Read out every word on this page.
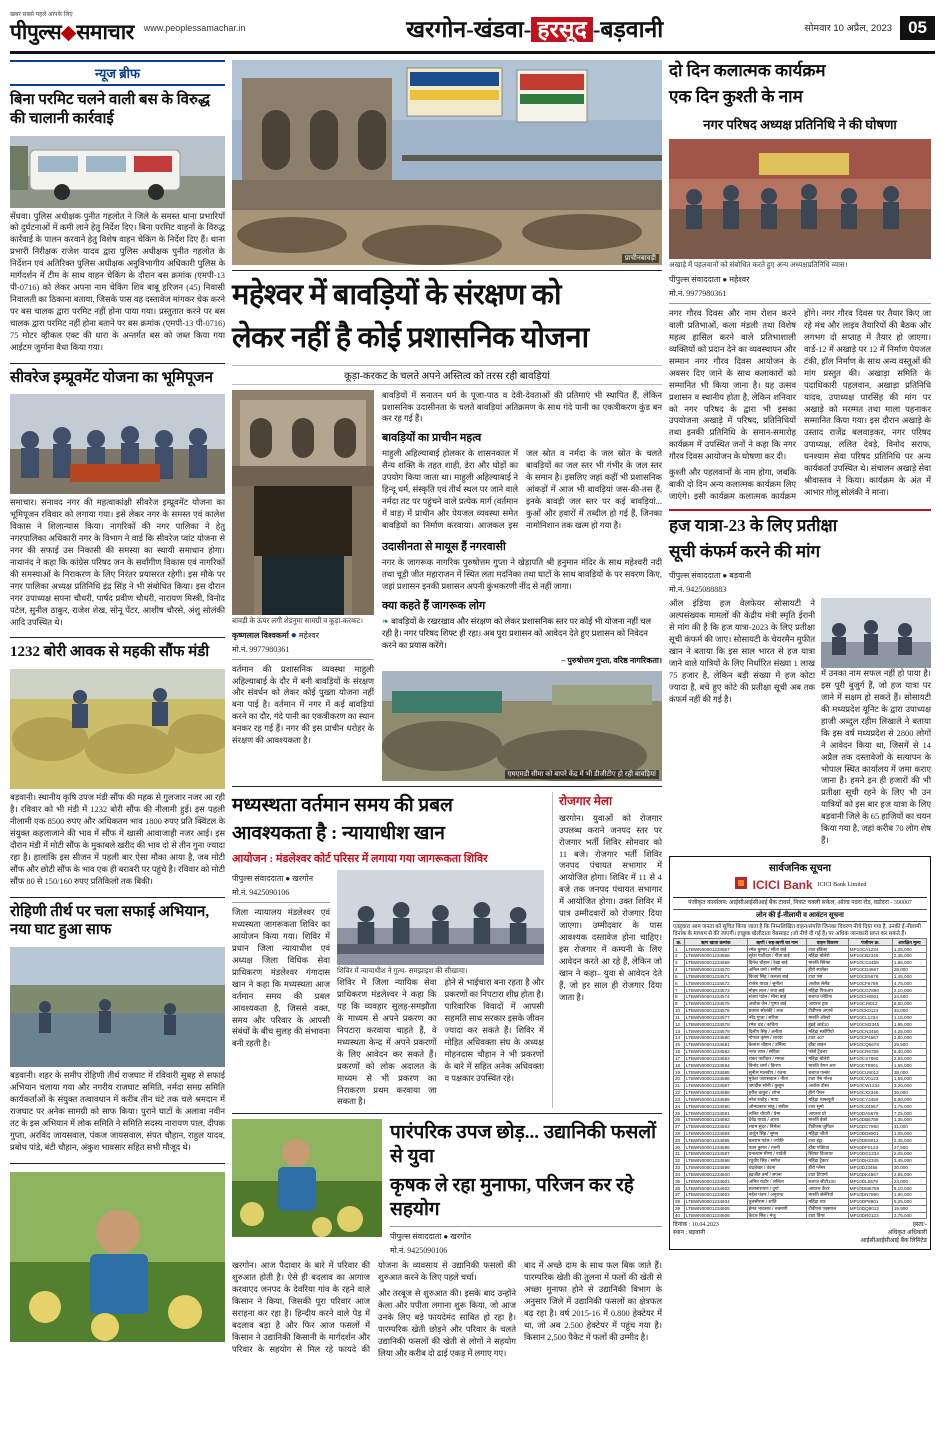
खबर सबसे पहले आपके लिए
पीपुल्स समाचार www.peoplessamachar.in	खरगोन-खंडवा- हरसूद -बड़वानी	सोमवार 10 अप्रैल, 2023 05
न्यूज ब्रीफ
बिना परमिट चलने वाली बस के विरुद्ध की चालानी कार्रवाई

सेंधवा। पुलिस अधीक्षक पुनीत गहलोत ने जिले के समस्त थाना प्रभारियों को दुर्घटनाओं में कमी लाने हेतु निर्देश दिए। बिना परमिट वाहनों के विरुद्ध कार्रवाई के पालन करवाने हेतु विशेष वाहन चेकिंग के निर्देश दिए हैं। थाना प्रभारी निरीक्षक राजेश यादव द्वारा पुलिस अधीक्षक पुनीत गहलोत के निर्देशन एवं अतिरिक्त पुलिस अधीक्षक अनुविभागीय अधिकारी पुलिस के मार्गदर्शन में टीम के साथ वाहन चेकिंग के दौरान बस क्रमांक (एमपी-13 पी-0716) को लेकर अपना नाम चेकिंग शिव बाबू हरिजन (45) निवासी निवालती का ठिकाना बताया, जिसके पास वह दस्तावेज मांगकर चेक करने पर बस चालक द्वारा परमिट नहीं होना पाया गया। प्रस्तुतात करने पर बस चालक द्वारा परमिट नहीं होना बताने पर बस क्रमांक (एमपी-13 पी-0716) 75 मोटर व्हीकल एक्ट की धारा के अन्तर्गत बस को जब्त किया गया आईटम जुर्माना वैधा किया गया।

सीवरेज इम्प्रूवमेंट योजना का भूमिपूजन

समाचार। सनावद नगर की महत्वाकांक्षी सीवरेज इम्प्रूवमेंट योजना का भूमिपूजन रविवार को लगाया गया। इसे लेकर नगर के समस्त एवं कालेश विकास ने शिलान्यास किया। नागरिकों की नगर पालिका ने हेतु नगरपालिका अधिकारी नगर के विभाग ने वार्ड कि सीवरेज प्वांट योजना से नगर की सफाई उस निकासी की समस्या का स्थायी समाधान होगा। नाथानंद ने कहा कि कांग्रेस परिषद जन के सर्वांगीण विकास एवं नागरिकों की समस्याओं के निराकरण के लिए निरंतर प्रयासरत रहेगी। इस मौके पर नगर पालिका अध्यक्ष प्रतिनिधि इंद्र सिंह ने भी संबोधित किया। इस दौरान नगर उपाध्यक्ष सपना चौधरी, पार्षद प्रवीण चौधरी, नारायण मिस्त्री, विनोद पटेल, सुनील ठाकुर, राजेश शेख, सोनू पेंटर, आशीष चौरसे, अंशु सोलंकी आदि उपस्थित थे।

1232 बोरी आवक से महकी सौंफ मंडी

बड़वानी। स्थानीय कृषि उपज मंडी सौंफ की महक से गुलजार नजर आ रही है। रविवार को भी मंडी में 1232 बोरी सौंफ की नीलामी हुई। इस पहली नीलामी एक 8500 रुपए और अधिकतम भाव 1800 रुपए प्रति क्विंटल के संयुक्त कहलाजाने की भाव में सौंफ में खासी आवाजाही नजर आई। इस दौरान मंडी में मोटी सौंफ के मुकाबले खरीद की भाव दो से तीन गुना ज्यादा रहा है। हालांकि इस सीजन में पहली बार ऐसा मौका आया है, जब मोटी सौंफ और छोटी सौंफ के भाव एक ही बराबरी पर पहुंचे है। रविवार को मोटी सौंफ 80 से 150/160 रुपए प्रतिकिलो तक बिकी।

रोहिणी तीर्थ पर चला सफाई अभियान, नया घाट हुआ साफ

बड़वानी। शहर के समीप रोहिणी तीर्थ राजघाट में रविवारी सुबह से सफाई अभियान चलाया गया और नगरीय राजघाट समिति, नर्मदा समग्र समिति कार्यकर्ताओं के संयुक्त तत्वावधान में करीब तीन घंटे तक चले श्रमदान में राजघाट पर अनेक सामग्री को साफ किया। पुराने घाटों के अलावा नवीन तट के इस अभियान में लोक समिति ने समिति सदस्य नारायण पाल, दीपक गुप्ता, अरविंद जायसवाल, पंकज जायसवाल, संपत चौहान, राहुल यादव, प्रबोध पांडे, बंटी चौहान, अंकुश भावसार सहित सभी मौजूद थे।

प्राचीनबावड़ी
महेश्वर में बावड़ियों के संरक्षण को
लेकर नहीं है कोई प्रशासनिक योजना
कूड़ा-करकट के चलते अपने अस्तित्व को तरस रही बावड़ियां
बावड़ी के ऊपर लगी शेडनुमा सामग्री व कूड़ा-करकट।
कृष्णलाल विश्वकर्मा ● महेश्वर
मो.नं. 9977980361

वर्तमान की प्रशासनिक व्यवस्था माहुली अहिल्याबाई के दौर में बनी बावड़ियों के संरक्षण और संवर्धन को लेकर कोई पुख्ता योजना नहीं बना पाई है। वर्तमान में नगर में कई बावड़ियां करने का दौर, गंदे पानी का एकत्रीकरण का स्थान बनकर रह गई हैं। नगर की इस प्राचीन धरोहर के संरक्षण की आवश्यकता है।

बावड़ियों में सनातन धर्म के पूजा-पाठ व देवी-देवताओं की प्रतिमाएं भी स्थापित हैं, लेकिन प्रशासनिक उदासीनता के चलते बावड़ियां अतिक्रमण के साथ गंदे पानी का एकत्रीकरण कुंड बन कर रह गई हैं।

बावड़ियों का प्राचीन महत्व

माहुली अहिल्याबाई होलकर के शासनकाल में सैन्य शक्ति के तहत शाही, डेरा और घोड़ों का उपयोग किया जाता था। माहुली अहिल्याबाई ने हिन्दू धर्म, संस्कृति एवं तीर्थ स्थल पर जाने वाले नर्मदा तट पर पहुंचने वाले प्रत्येक मार्ग (वर्तमान में वाड़) में प्राचीन और पेयजल व्यवस्था समेत बावड़ियों का निर्माण करवाया। आजकल इस जल स्रोत व नर्मदा के जल स्रोत के चलते बावड़ियों का जल स्तर भी गंभीर के जल स्तर के समान है। इसलिए जहां कहीं भी प्रशासनिक आंकड़ों में आज भी बावड़ियां जस-की-तस हैं, इनके बावड़ी जल स्तर पर कई बावड़ियां... कुओं और हवारों में तब्दील हो गई हैं, जिनका नामोनिशान तक खत्म हो गया है।

उदासीनता से मायूस हैं नगरवासी

नगर के जागरूक नागरिक पुरुषोत्तम गुप्ता ने खेड़ापति श्री हनुमान मंदिर के साथ महेश्वरी नदी तथा चूड़ी जीत महाराजन में स्थित लता मदनिका तथा घाटों के साथ बावड़ियों के पर सवरण किए, जहां प्रशासन इनकी प्रशासन अपनी कुंभकरणी नींद से नहीं जागा।

क्या कहते हैं जागरूक लोग
❧ बावड़ियों के रखरखाव और संरक्षण को लेकर प्रशासनिक स्तर पर कोई भी योजना नहीं चल रही है। नगर परिषद शिफ्ट ही रहा। अब पुरा प्रशासन को आवेदन देते हुए प्रशासन को निवेदन करने का प्रयास करेंगे।
– पुरुषोत्तम गुप्ता, वरिष्ठ नागरिकता।
एमएमडी सीमा को बापरे केंद्र में भी डीजीटीए हो रही बावड़ियां
मध्यस्थता वर्तमान समय की प्रबल
आवश्यकता है : न्यायाधीश खान
आयोजन : मंडलेश्वर कोर्ट परिसर में लगाया गया जागरूकता शिविर
पीपुल्स संवाददाता ● खरगोन
मो.नं. 9425090106

जिला न्यायालय मंडलेश्वर एवं मध्यस्थता जागरूकता शिविर का आयोजन किया गया। शिविर में प्रधान जिला न्यायाधीश एवं अध्यक्ष जिला विधिक सेवा प्राधिकरण मंडलेश्वर गंगादास खान ने कहा कि मध्यस्थता आज वर्तमान समय की प्रबल आवश्यकता है, जिससे वक्त, समय और परिवार के आपसी संबंधों के बीच सुलह की संभावना बनी रहती है।

शिविर में न्यायाधीश ने गुत्थ- समझाइश की सीखाया।

शिविर में जिला न्यायिक सेवा प्राधिकरण मंडलेश्वर ने कहा कि यह कि व्यवहार सुलह-समझौता के माध्यम से अपने प्रकरण का निपटारा करवाया चाहते हैं, वे मध्यस्थता केन्द्र में अपने प्रकरणों के लिए आवेदन कर सकते हैं। प्रकरणों को लोक अदालत के माध्यम से भी प्रकरण का निराकरण प्रथम करवाया जा सकता है।

होने से भाईचारा बना रहता है और प्रकरणों का निपटारा शीघ्र होता है। पारिवारिक विवादों में आपसी सहमति साथ सरकार इसके जीवन ज्यादा कर सकते हैं। शिविर में मोहित अधिवक्ता संघ के अध्यक्ष मोहनदास चौहान ने भी प्रकरणों के बारे में सहित अनेक अधिवक्ता व पक्षकार उपस्थित रहे।

रोजगार मेला

खरगोन। युवाओं को रोजगार उपलब्ध कराने जनपद स्तर पर रोजगार भर्ती शिविर सोमवार को 11 बजे। रोजगार भर्ती शिविर जनपद पंचायत सभागार में आयोजित होगा। शिविर में 11 से 4 बजे तक जनपद पंचायत सभागार में आयोजित होगा। उक्त शिविर में पात्र उम्मीदवारों को रोजगार दिया जाएगा। उम्मीदवार के पास आवश्यक दस्तावेज होना चाहिए। इस रोजगार में कम्पनी के लिए आवेदन करते आ रहे हैं, लेकिन जो खान ने कहा– युवा से आवेदन देते हैं, जो हर साल ही रोजगार दिया जाता है।

पारंपरिक उपज छोड़... उद्यानिकी फसलों से युवा
कृषक ले रहा मुनाफा, परिजन कर रहे सहयोग
पीपुल्स संवाददाता ● खरगोन
मो.नं. 9425090106

खरगोन। आज पैदावार के बारे में परिवार की शुरुआत होती है। ऐसे ही बदलाव का आगाज करवाएद जनपद के देवरिया गांव के रहने वाले किसान ने किया, जिसकी पूरा परिवार आज सराहना कर रहा है। हिन्दीय करने वाले पेड़ में बदलाव बड़ा है और फिर आज फसलों में किसान ने उद्यानिकी किसानी के मार्गदर्शन और परिवार के सहयोग से मिल रहे फायदे की योजना के व्यवसाय से उद्यानिकी फसलों की शुरुआत करने के लिए पहले चर्चा।

और तरबूज से शुरुआत की। इसके बाद उन्होंने केला और पपीता लगाना शुरू किया, जो आज उनके लिए बड़े फायदेमंद साबित हो रहा है। पारम्परिक खेती छोड़ने और परिवार के चलते उद्यानिकी फसलों की खेती से लोगों ने सहयोग लिया और करीब दो ढाई एकड़ में लगाए गए।

बाद में अच्छे दाम के साथ फल बिक जाते हैं। पारम्परिक खेती की तुलना में फलों की खेती से अच्छा मुनाफा होने से उद्यानिकी विभाग के अनुसार जिले में उद्यानिकी फसलों का क्षेत्रफल बढ़ रहा है। वर्ष 2015-16 में 0.800 हेक्टेयर में था, जो अब 2.500 हेक्टेयर में पहुंच गया है। किसान 2,500 पैकेट में फलों की उम्मीद है।

दो दिन कलात्मक कार्यक्रम
एक दिन कुश्ती के नाम
नगर परिषद अध्यक्ष प्रतिनिधि ने की घोषणा
अखाड़े में पहलवानों को संबोधित करते हुए अन्य अध्यक्षप्रतिनिधि व्यास।
पीपुल्स संवाददाता ● महेश्वर
मो.नं. 9977980361

नगर गौरव दिवस और नाम रोशन करने वाली प्रतिभाओं, कला मंडली तथा विशेष महत्व हासिल करने वाले प्रतिभाशाली व्यक्तियों को प्रदान देने का व्यवस्थापन और सम्मान नगर गौरव दिवस आयोजन के अवसर दिए जाने के साथ कलाकारों को सम्मानित भी किया जाना है। यह उत्सव प्रशासन व स्थानीय होता है, लेकिन शनिवार को नगर परिषद के द्वारा भी इसका उपयोजना अखाड़े में परिषद, प्रतिनिधियों तथा इनकी प्रतिनिधि के समान-समारोह कार्यक्रम में उपस्थित जनों ने कहा कि नगर गौरव दिवस आयोजन के घोषणा कर दी।

कुश्ती और पहलवानों के नाम होगा, जबकि बाकी दो दिन अन्य कलात्मक कार्यक्रम लिए जाएंगे। इसी कार्यक्रम कलात्मक कार्यक्रम होंगे। नगर गौरव दिवस पर तैयार किए जा रहे मंच और लाइव तैयारियों की बैठक और लगभग दो सप्ताह में तैयार हो जाएगा। वार्ड-12 में अखाड़े पर 12 में निर्माण पेयजल टंकी, हॉल निर्माण के साथ अन्य वस्तुओं की मांग प्रस्तुत की। अखाड़ा समिति के पदाधिकारी पहलवान, अखाड़ा प्रतिनिधि यादव, उपाध्यक्ष पारसिंह की मांग पर अखाड़े को मरम्मत तथा माला पहनाकर सम्मानित किया गया। इस दौरान अखाड़े के उस्ताद राजेंद्र बलवाड़कर, नगर परिषद उपाध्यक्ष, ललित देवड़े, विनोद सराफ, घनश्याम सेवा परिषद प्रतिनिधि पर अन्य कार्यकर्ता उपस्थित थे। संचालन अखाड़े सेवा श्रीवास्तव ने किया। कार्यक्रम के अंत में आभार गोलू सोलंकी ने माना।

हज यात्रा-23 के लिए प्रतीक्षा
सूची कंफर्म करने की मांग
पीपुल्स संवाददाता ● बड़वानी
मो.नं. 9425088883

ऑल इंडिया हज वेलफेयर सोसायटी ने अल्पसंख्यक मामलों की केंद्रीय मंत्री स्मृति ईरानी से मांग की है कि हज यात्रा-2023 के लिए प्रतीक्षा सूची कंफर्म की जाए। सोसायटी के चेयरमैन मुफीत खान ने बताया कि इस साल भारत से हज यात्रा जाने वाले यात्रियों के लिए निर्धारित संख्या 1 लाख 75 हजार है, लेकिन बड़ी संख्या में हज कोटा ज्यादा है, बचे हुए कोटे की प्रतीक्षा सूची अब तक कंफर्म नहीं की गई है।

में उनका नाम सफल नहीं हो पाया है। इस पूरी बुजुर्ग हैं, जो हज यात्रा पर जाने में सक्षम हो सकते हैं। सोसायटी की मध्यप्रदेश यूनिट के द्वारा उपाध्यक्ष हाजी अब्दुल रहीम लिखाले ने बताया कि इस वर्ष मध्यप्रदेश से 2800 लोगों ने आवेदन किया था, जिसमें से 14 अप्रैल तक दस्तावेजों के सत्यापन के भोपाल स्थित कार्यालय में जमा कराए जाना है। हमने इन ही हजारों की भी प्रतीक्षा सूची रहने के लिए भी उन यात्रियों को इस बार हज यात्रा के लिए बड़वानी जिले के 65 हाजियों का चयन किया गया है, जहां करीब 70 लोग शेष हैं।

सार्वजनिक सूचना
ICICI Bank ICICI Bank Limited
पंजीकृत कार्यालय: आईसीआईसीआई बैंक टावर्स, निकट चक्ली सर्कल, ओल्ड पडरा रोड, वडोदरा - 390007
लोन की ई-नीलामी व आवंटन सूचना
एतद्द्वारा आम जनता को सूचित किया जाता है कि निम्नलिखित वाहन/संपत्ति जिनका विवरण नीचे दिया गया है, उनकी ई-नीलामी दिनांक के माध्यम से की जाएगी। इच्छुक बोलीदाता वेबसाइट (जो नीचे दी गई है) पर अधिक जानकारी प्राप्त कर सकते हैं।
क्र.	ऋण खाता क्रमांक	ऋणी / सह-ऋणी का नाम	वाहन विवरण	पंजीयन क्र.	आरक्षित मूल्य
1	LTBWN00001234567	रमेश कुमार / सीता बाई	टाटा इंडिका	MP10CA1234	1,25,000
2	LTBWN00001234568	सुरेश पाटीदार / गीता बाई	महिंद्रा बोलेरो	MP10CB2345	2,35,000
3	LTBWN00001234569	दिनेश चौहान / रेखा बाई	मारुति स्विफ्ट	MP10CC3456	1,85,000
4	LTBWN00001234570	अनिल वर्मा / संगीता	हीरो स्पलेंडर	MP10CD4567	28,000
5	LTBWN00001234571	विजय सिंह / कमला बाई	टाटा एस	MP10CE5678	1,45,000
6	LTBWN00001234572	राजेश यादव / सुनीता	अशोक लेलैंड	MP10CF6789	4,75,000
7	LTBWN00001234573	मोहन लाल / राधा बाई	महिंद्रा पिकअप	MP10CG7890	2,10,000
8	LTBWN00001234574	संजय पटेल / मीना बाई	बजाज प्लेटिना	MP10CH8901	24,500
9	LTBWN00001234575	अशोक जैन / पुष्पा बाई	आयशर ट्रक	MP10CJ9012	6,50,000
10	LTBWN00001234576	प्रकाश सोलंकी / लता	टीवीएस अपाचे	MP10CK0123	32,000
11	LTBWN00001234577	नरेंद्र गुप्ता / सरिता	मारुति ऑल्टो	MP10CL1234	1,15,000
12	LTBWN00001234578	रमेश चंद्र / कविता	हुंडई आई10	MP10CM2345	1,95,000
13	LTBWN00001234579	दिलीप सिंह / अनीता	महिंद्रा स्कॉर्पियो	MP10CN3456	4,25,000
14	LTBWN00001234580	गोपाल कृष्ण / शारदा	टाटा 407	MP10CP4567	2,80,000
15	LTBWN00001234581	कैलाश चौहान / उर्मिला	होंडा शाइन	MP10CQ5678	29,500
16	LTBWN00001234582	भरत लाल / सविता	फोर्स ट्रैवलर	MP10CR6789	5,40,000
17	LTBWN00001234583	शंकर पाटीदार / ममता	महिंद्रा बोलेरो	MP10CS7890	2,55,000
18	LTBWN00001234584	विनोद शर्मा / किरण	मारुति वैगन आर	MP10CT8901	1,65,000
19	LTBWN00001234585	सुनील मालवीय / रंजना	बजाज पल्सर	MP10CU9012	38,000
20	LTBWN00001234586	मुकेश जायसवाल / नीता	टाटा ऐस गोल्ड	MP10CV0123	1,55,000
21	LTBWN00001234587	जगदीश सोनी / कुसुम	अशोक दोस्त	MP10CW1234	3,20,000
22	LTBWN00001234588	हरीश ठाकुर / शोभा	हीरो पैशन	MP10CX2345	26,000
23	LTBWN00001234589	नरेश राठौड़ / माया	महिंद्रा एक्सयूवी	MP10CY3456	5,90,000
24	LTBWN00001234590	ओमप्रकाश साहू / बबीता	टाटा सूमो	MP10CZ4567	1,75,000
25	LTBWN00001234591	ललित चौधरी / प्रेमा	आयशर प्रो	MP10DA5678	7,25,000
26	LTBWN00001234592	देवेंद्र यादव / आशा	मारुति ईको	MP10DB6789	1,35,000
27	LTBWN00001234593	श्याम सुंदर / निर्मला	टीवीएस जुपिटर	MP10DC7890	31,000
28	LTBWN00001234594	अर्जुन सिंह / सुमन	महिंद्रा जीतो	MP10DD8901	1,05,000
29	LTBWN00001234595	बलराम पटेल / ज्योति	टाटा इंट्रा	MP10DE9012	2,45,000
30	LTBWN00001234596	पवन कुमार / रजनी	होंडा एक्टिवा	MP10DF0123	27,500
31	LTBWN00001234597	घनश्याम मीणा / पार्वती	स्विफ्ट डिजायर	MP10DG1234	2,05,000
32	LTBWN00001234598	रघुवीर सिंह / सरोज	महिंद्रा ट्रैक्टर	MP10DH2345	3,45,000
33	LTBWN00001234599	चंद्रशेखर / वंदना	हीरो ग्लैमर	MP10DJ3456	30,000
34	LTBWN00001234600	इंद्रजीत वर्मा / सपना	टाटा टियागो	MP10DK4567	2,65,000
35	LTBWN00001234601	अमित राठौर / ललिता	बजाज सीटी100	MP10DL5678	23,000
36	LTBWN00001234602	सत्यनारायण / दुर्गा	आयशर कैंटर	MP10DM6789	6,10,000
37	LTBWN00001234603	महेश पंवार / अनुराधा	मारुति सेलेरियो	MP10DN7890	1,90,000
38	LTBWN00001234604	तुलसीराम / शांति	महिंद्रा थार	MP10DP8901	5,25,000
39	LTBWN00001234605	हेमंत भावसार / रुक्मणी	टीवीएस एक्सएल	MP10DQ9012	19,500
40	LTBWN00001234606	केदार सिंह / मंजू	टाटा विंगर	MP10DR0123	3,75,000
दिनांक : 10.04.2023
स्थान : बड़वानी
हस्ता/-
अधिकृत अधिकारी
आईसीआईसीआई बैंक लिमिटेड
